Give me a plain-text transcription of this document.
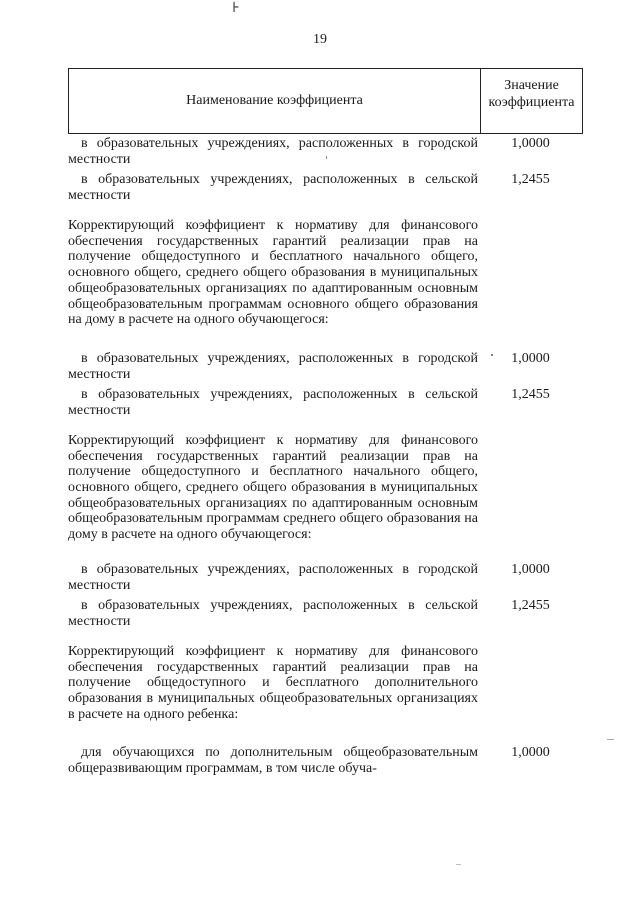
⊦
19
Наименование коэффициента
Значение
коэффициента
в образовательных учреждениях, расположенных в городской местности
1,0000
в образовательных учреждениях, расположенных в сельской местности
1,2455
Корректирующий коэффициент к нормативу для финансового обеспечения государственных гарантий реализации прав на получение общедоступного и бесплатного начального общего, основного общего, среднего общего образования в муниципальных общеобразовательных организациях по адаптированным основным общеобразовательным программам основного общего образования на дому в расчете на одного обучающегося:
в образовательных учреждениях, расположенных в городской местности
1,0000
в образовательных учреждениях, расположенных в сельской местности
1,2455
Корректирующий коэффициент к нормативу для финансового обеспечения государственных гарантий реализации прав на получение общедоступного и бесплатного начального общего, основного общего, среднего общего образования в муниципальных общеобразовательных организациях по адаптированным основным общеобразовательным программам среднего общего образования на дому в расчете на одного обучающегося:
в образовательных учреждениях, расположенных в городской местности
1,0000
в образовательных учреждениях, расположенных в сельской местности
1,2455
Корректирующий коэффициент к нормативу для финансового обеспечения государственных гарантий реализации прав на получение общедоступного и бесплатного дополнительного образования в муниципальных общеобразовательных организациях в расчете на одного ребенка:
для обучающихся по дополнительным общеобразовательным общеразвивающим программам, в том числе обуча-
1,0000
